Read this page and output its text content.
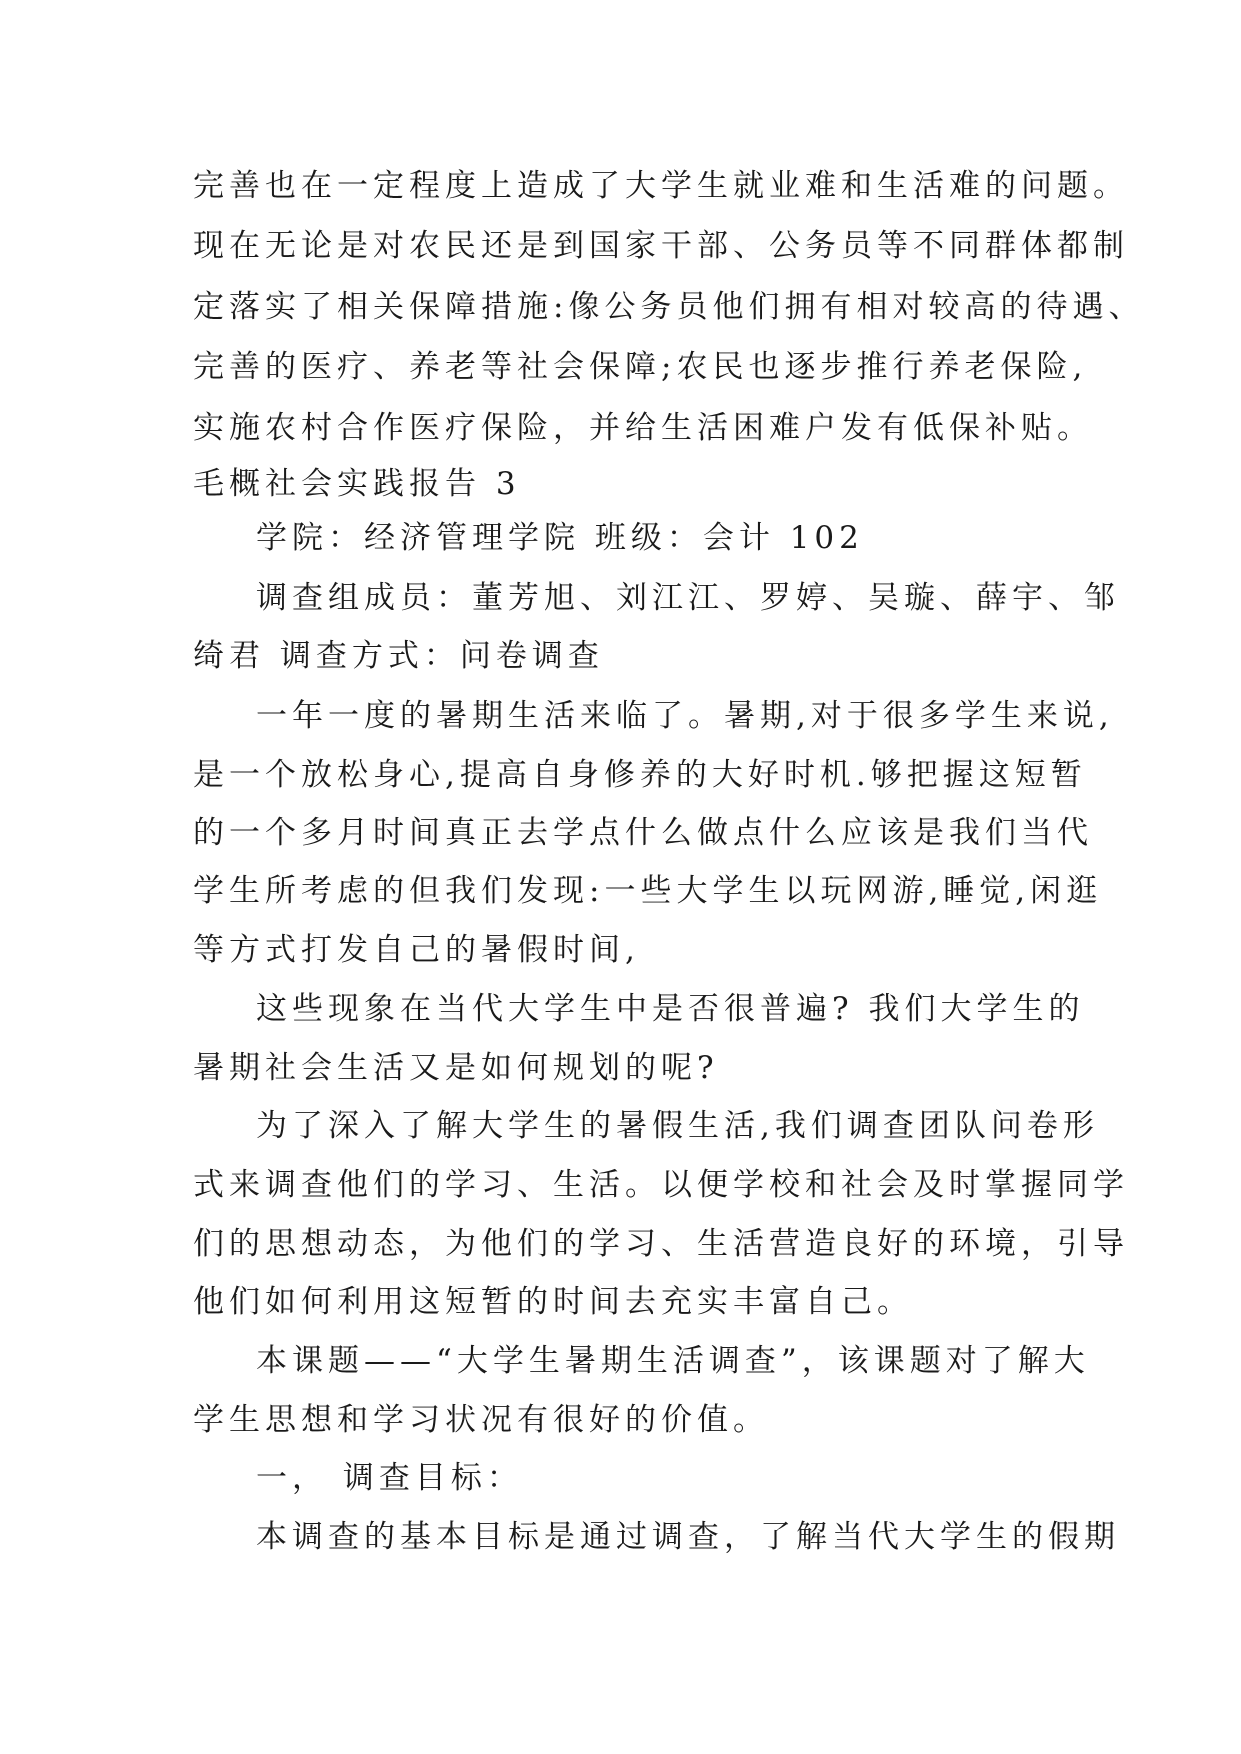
完善也在一定程度上造成了大学生就业难和生活难的问题。
现在无论是对农民还是到国家干部、公务员等不同群体都制
定落实了相关保障措施:像公务员他们拥有相对较高的待遇、
完善的医疗、养老等社会保障;农民也逐步推行养老保险,
实施农村合作医疗保险，并给生活困难户发有低保补贴。
毛概社会实践报告 3
学院：经济管理学院 班级：会计 102
调查组成员：董芳旭、刘江江、罗婷、吴璇、薛宇、邹
绮君 调查方式：问卷调查
一年一度的暑期生活来临了。暑期,对于很多学生来说,
是一个放松身心,提高自身修养的大好时机.够把握这短暂
的一个多月时间真正去学点什么做点什么应该是我们当代
学生所考虑的但我们发现:一些大学生以玩网游,睡觉,闲逛
等方式打发自己的暑假时间,
这些现象在当代大学生中是否很普遍? 我们大学生的
暑期社会生活又是如何规划的呢?
为了深入了解大学生的暑假生活,我们调查团队问卷形
式来调查他们的学习、生活。以便学校和社会及时掌握同学
们的思想动态，为他们的学习、生活营造良好的环境，引导
他们如何利用这短暂的时间去充实丰富自己。
本课题——“大学生暑期生活调查”，该课题对了解大
学生思想和学习状况有很好的价值。
一， 调查目标：
本调查的基本目标是通过调查，了解当代大学生的假期
